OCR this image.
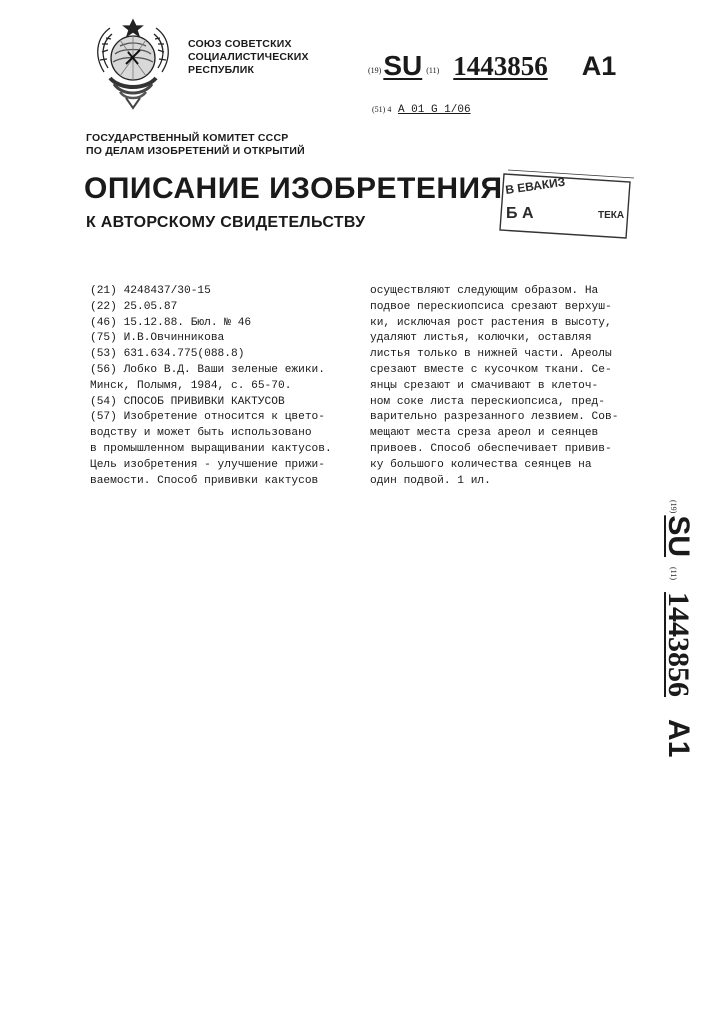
СОЮЗ СОВЕТСКИХ
СОЦИАЛИСТИЧЕСКИХ
РЕСПУБЛИК	(19)SU (11) 1443856 A1
(51) 4 A 01 G 1/06
ГОСУДАРСТВЕННЫЙ КОМИТЕТ СССР
ПО ДЕЛАМ ИЗОБРЕТЕНИЙ И ОТКРЫТИЙ
ОПИСАНИЕ ИЗОБРЕТЕНИЯ
К АВТОРСКОМУ СВИДЕТЕЛЬСТВУ
В ЕВАКИЗ
Б А	ТЕКА
(21) 4248437/30-15
(22) 25.05.87
(46) 15.12.88. Бюл. № 46
(75) И.В.Овчинникова
(53) 631.634.775(088.8)
(56) Лобко В.Д. Ваши зеленые ежики.
Минск, Полымя, 1984, с. 65-70.
(54) СПОСОБ ПРИВИВКИ КАКТУСОВ
(57) Изобретение относится к цвето-
водству и может быть использовано
в промышленном выращивании кактусов.
Цель изобретения - улучшение прижи-
ваемости. Способ прививки кактусов
осуществляют следующим образом. На
подвое перескиопсиса срезают верхуш-
ки, исключая рост растения в высоту,
удаляют листья, колючки, оставляя
листья только в нижней части. Ареолы
срезают вместе с кусочком ткани. Се-
янцы срезают и смачивают в клеточ-
ном соке листа перескиопсиса, пред-
варительно разрезанного лезвием. Сов-
мещают места среза ареол и сеянцев
привоев. Способ обеспечивает привив-
ку большого количества сеянцев на
один подвой. 1 ил.
(19)SU(11)1443856A1
